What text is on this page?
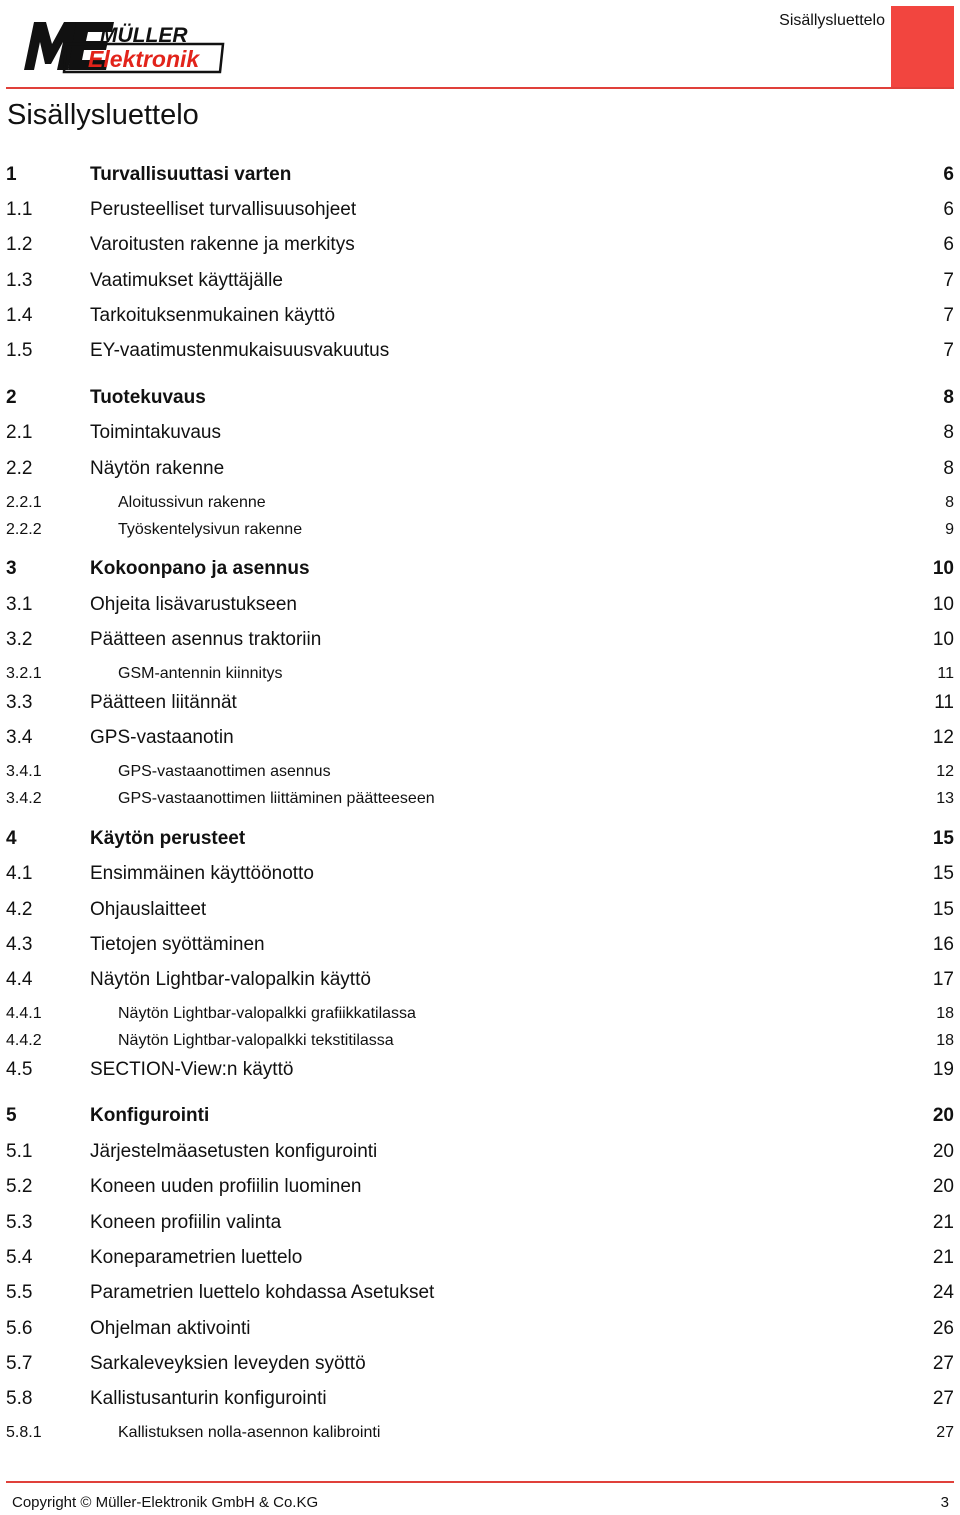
MÜLLER
Elektronik
Sisällysluettelo
Sisällysluettelo
1	Turvallisuuttasi varten	6
1.1	Perusteelliset turvallisuusohjeet	6
1.2	Varoitusten rakenne ja merkitys	6
1.3	Vaatimukset käyttäjälle	7
1.4	Tarkoituksenmukainen käyttö	7
1.5	EY-vaatimustenmukaisuusvakuutus	7
2	Tuotekuvaus	8
2.1	Toimintakuvaus	8
2.2	Näytön rakenne	8
2.2.1	Aloitussivun rakenne	8
2.2.2	Työskentelysivun rakenne	9
3	Kokoonpano ja asennus	10
3.1	Ohjeita lisävarustukseen	10
3.2	Päätteen asennus traktoriin	10
3.2.1	GSM-antennin kiinnitys	11
3.3	Päätteen liitännät	11
3.4	GPS-vastaanotin	12
3.4.1	GPS-vastaanottimen asennus	12
3.4.2	GPS-vastaanottimen liittäminen päätteeseen	13
4	Käytön perusteet	15
4.1	Ensimmäinen käyttöönotto	15
4.2	Ohjauslaitteet	15
4.3	Tietojen syöttäminen	16
4.4	Näytön Lightbar-valopalkin käyttö	17
4.4.1	Näytön Lightbar-valopalkki grafiikkatilassa	18
4.4.2	Näytön Lightbar-valopalkki tekstitilassa	18
4.5	SECTION-View:n käyttö	19
5	Konfigurointi	20
5.1	Järjestelmäasetusten konfigurointi	20
5.2	Koneen uuden profiilin luominen	20
5.3	Koneen profiilin valinta	21
5.4	Koneparametrien luettelo	21
5.5	Parametrien luettelo kohdassa Asetukset	24
5.6	Ohjelman aktivointi	26
5.7	Sarkaleveyksien leveyden syöttö	27
5.8	Kallistusanturin konfigurointi	27
5.8.1	Kallistuksen nolla-asennon kalibrointi	27
Copyright © Müller-Elektronik GmbH & Co.KG	3
